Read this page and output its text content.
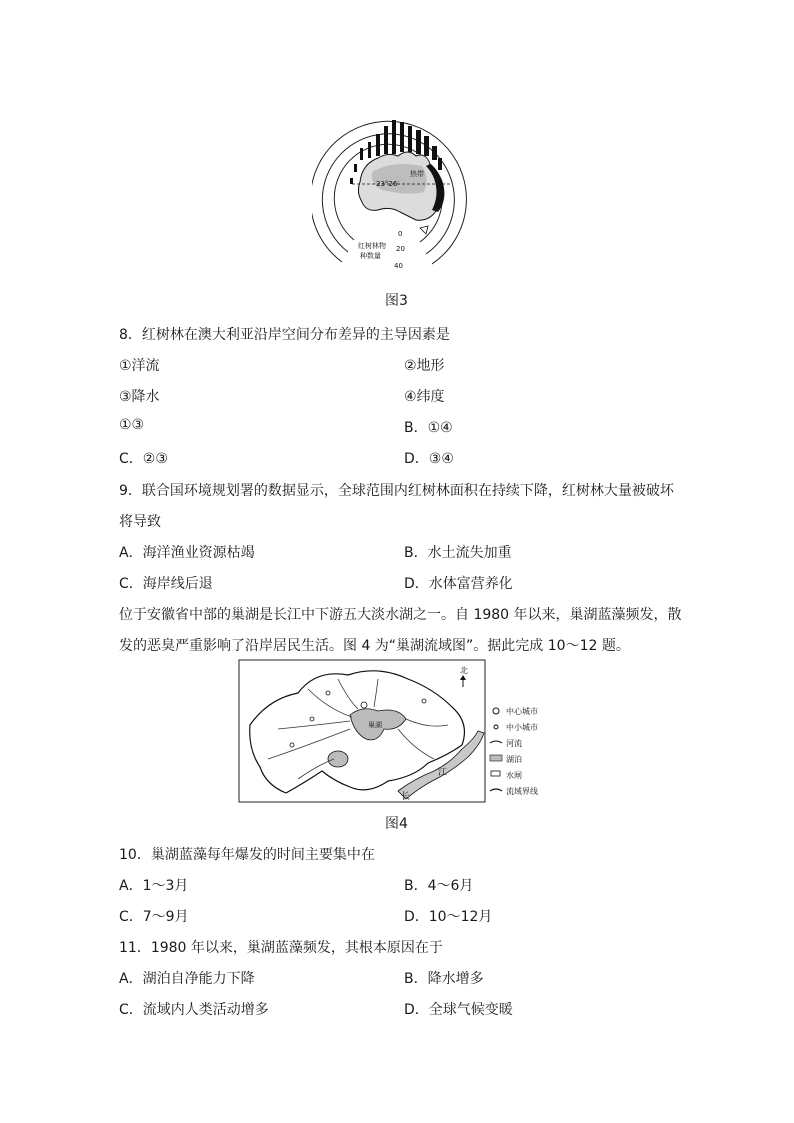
23°26′
热带
0
20
40
红树林物
种数量
图3
8．红树林在澳大利亚沿岸空间分布差异的主导因素是
①洋流	②地形
③降水	④纬度
①③	B．①④
C．②③	D．③④
9．联合国环境规划署的数据显示，全球范围内红树林面积在持续下降，红树林大量被破坏
将导致
A．海洋渔业资源枯竭	B．水土流失加重
C．海岸线后退	D．水体富营养化
位于安徽省中部的巢湖是长江中下游五大淡水湖之一。自 1980 年以来，巢湖蓝藻频发，散
发的恶臭严重影响了沿岸居民生活。图 4 为“巢湖流域图”。据此完成 10～12 题。
巢湖
江
长
北
中心城市
中小城市
河流
湖泊
水闸
流域界线
图4
10．巢湖蓝藻每年爆发的时间主要集中在
A．1～3月	B．4～6月
C．7～9月	D．10～12月
11．1980 年以来，巢湖蓝藻频发，其根本原因在于
A．湖泊自净能力下降	B．降水增多
C．流域内人类活动增多	D．全球气候变暖
